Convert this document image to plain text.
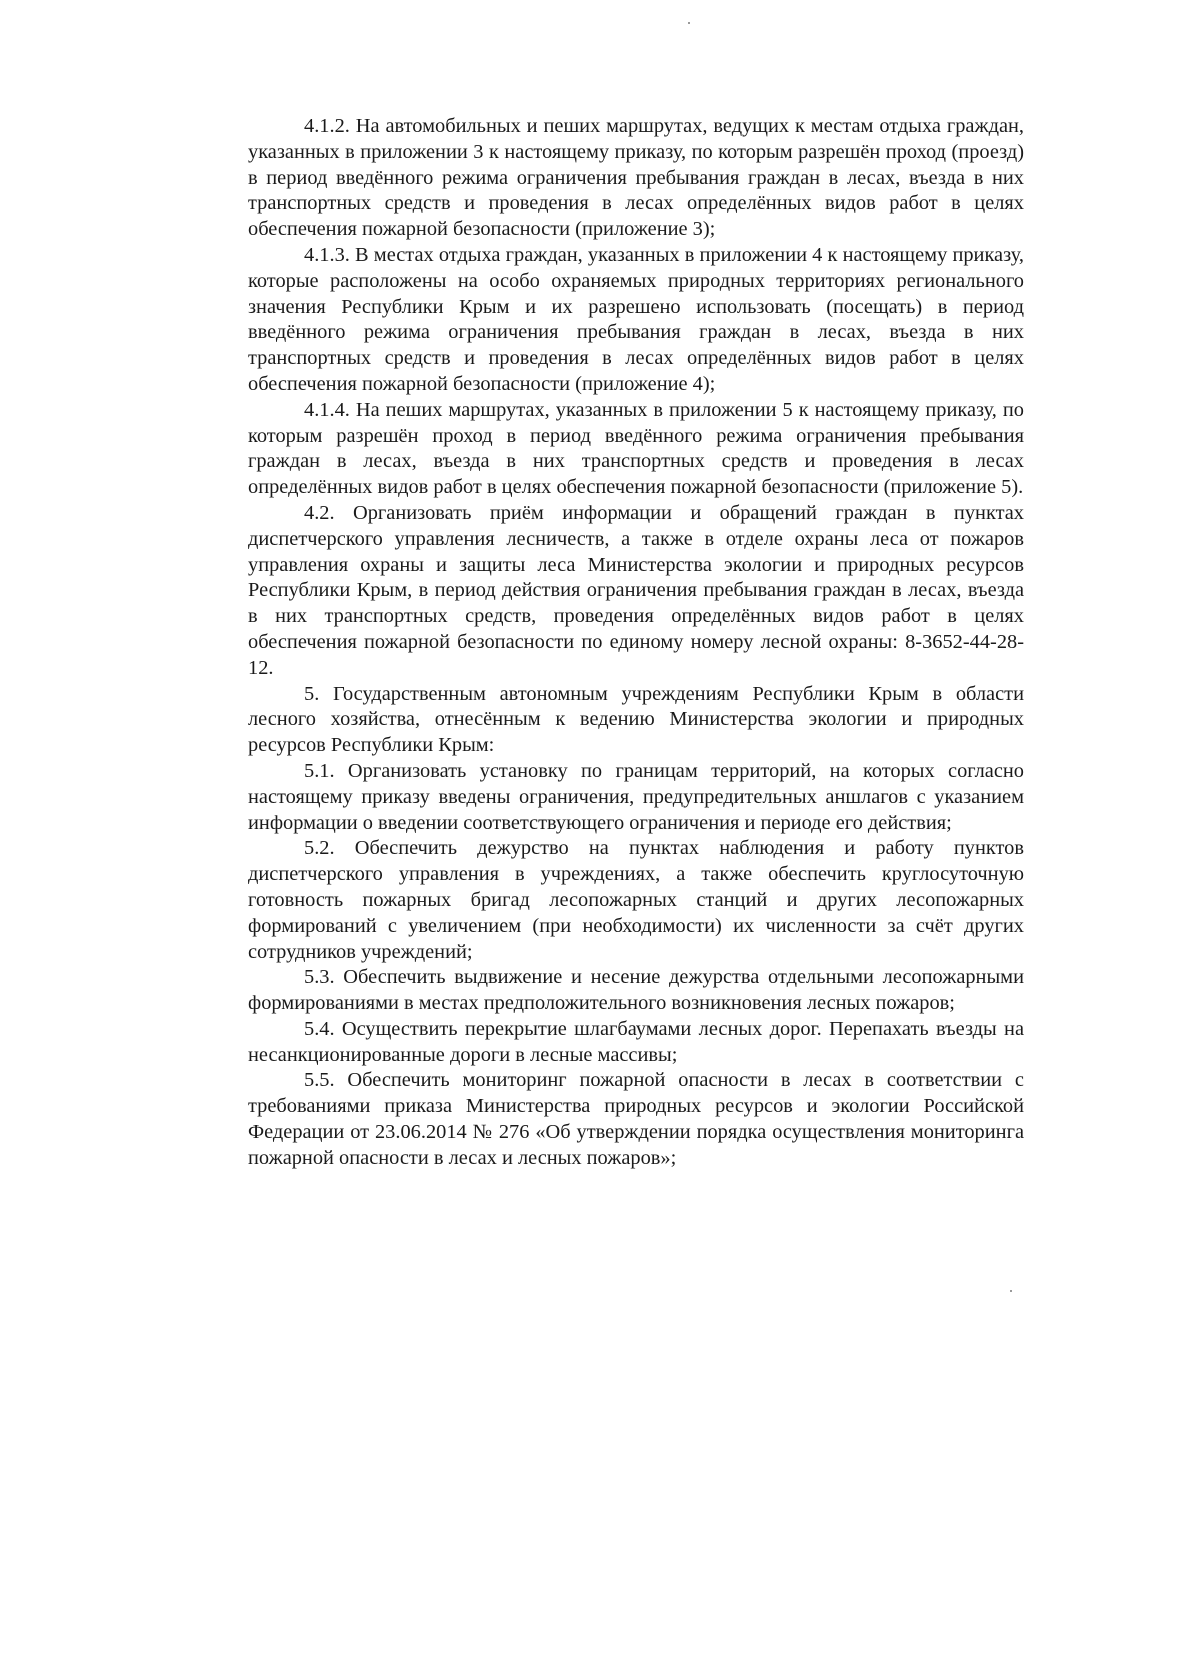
4.1.2. На автомобильных и пеших маршрутах, ведущих к местам отдыха граждан, указанных в приложении 3 к настоящему приказу, по которым разрешён проход (проезд) в период введённого режима ограничения пребывания граждан в лесах, въезда в них транспортных средств и проведения в лесах определённых видов работ в целях обеспечения пожарной безопасности (приложение 3);

4.1.3. В местах отдыха граждан, указанных в приложении 4 к настоящему приказу, которые расположены на особо охраняемых природных территориях регионального значения Республики Крым и их разрешено использовать (посещать) в период введённого режима ограничения пребывания граждан в лесах, въезда в них транспортных средств и проведения в лесах определённых видов работ в целях обеспечения пожарной безопасности (приложение 4);

4.1.4. На пеших маршрутах, указанных в приложении 5 к настоящему приказу, по которым разрешён проход в период введённого режима ограничения пребывания граждан в лесах, въезда в них транспортных средств и проведения в лесах определённых видов работ в целях обеспечения пожарной безопасности (приложение 5).

4.2. Организовать приём информации и обращений граждан в пунктах диспетчерского управления лесничеств, а также в отделе охраны леса от пожаров управления охраны и защиты леса Министерства экологии и природных ресурсов Республики Крым, в период действия ограничения пребывания граждан в лесах, въезда в них транспортных средств, проведения определённых видов работ в целях обеспечения пожарной безопасности по единому номеру лесной охраны: 8-3652-44-28-12.

5. Государственным автономным учреждениям Республики Крым в области лесного хозяйства, отнесённым к ведению Министерства экологии и природных ресурсов Республики Крым:

5.1. Организовать установку по границам территорий, на которых согласно настоящему приказу введены ограничения, предупредительных аншлагов с указанием информации о введении соответствующего ограничения и периоде его действия;

5.2. Обеспечить дежурство на пунктах наблюдения и работу пунктов диспетчерского управления в учреждениях, а также обеспечить круглосуточную готовность пожарных бригад лесопожарных станций и других лесопожарных формирований с увеличением (при необходимости) их численности за счёт других сотрудников учреждений;

5.3. Обеспечить выдвижение и несение дежурства отдельными лесопожарными формированиями в местах предположительного возникновения лесных пожаров;

5.4. Осуществить перекрытие шлагбаумами лесных дорог. Перепахать въезды на несанкционированные дороги в лесные массивы;

5.5. Обеспечить мониторинг пожарной опасности в лесах в соответствии с требованиями приказа Министерства природных ресурсов и экологии Российской Федерации от 23.06.2014 № 276 «Об утверждении порядка осуществления мониторинга пожарной опасности в лесах и лесных пожаров»;
